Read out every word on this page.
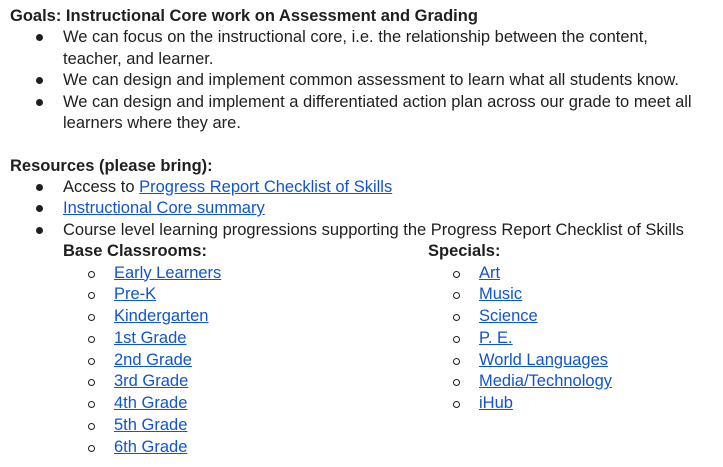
Goals: Instructional Core work on Assessment and Grading
We can focus on the instructional core, i.e. the relationship between the content, teacher, and learner.
We can design and implement common assessment to learn what all students know.
We can design and implement a differentiated action plan across our grade to meet all learners where they are.
Resources (please bring):
Access to Progress Report Checklist of Skills
Instructional Core summary
Course level learning progressions supporting the Progress Report Checklist of Skills
Base Classrooms:
Early Learners
Pre-K
Kindergarten
1st Grade
2nd Grade
3rd Grade
4th Grade
5th Grade
6th Grade
Specials:
Art
Music
Science
P. E.
World Languages
Media/Technology
iHub
